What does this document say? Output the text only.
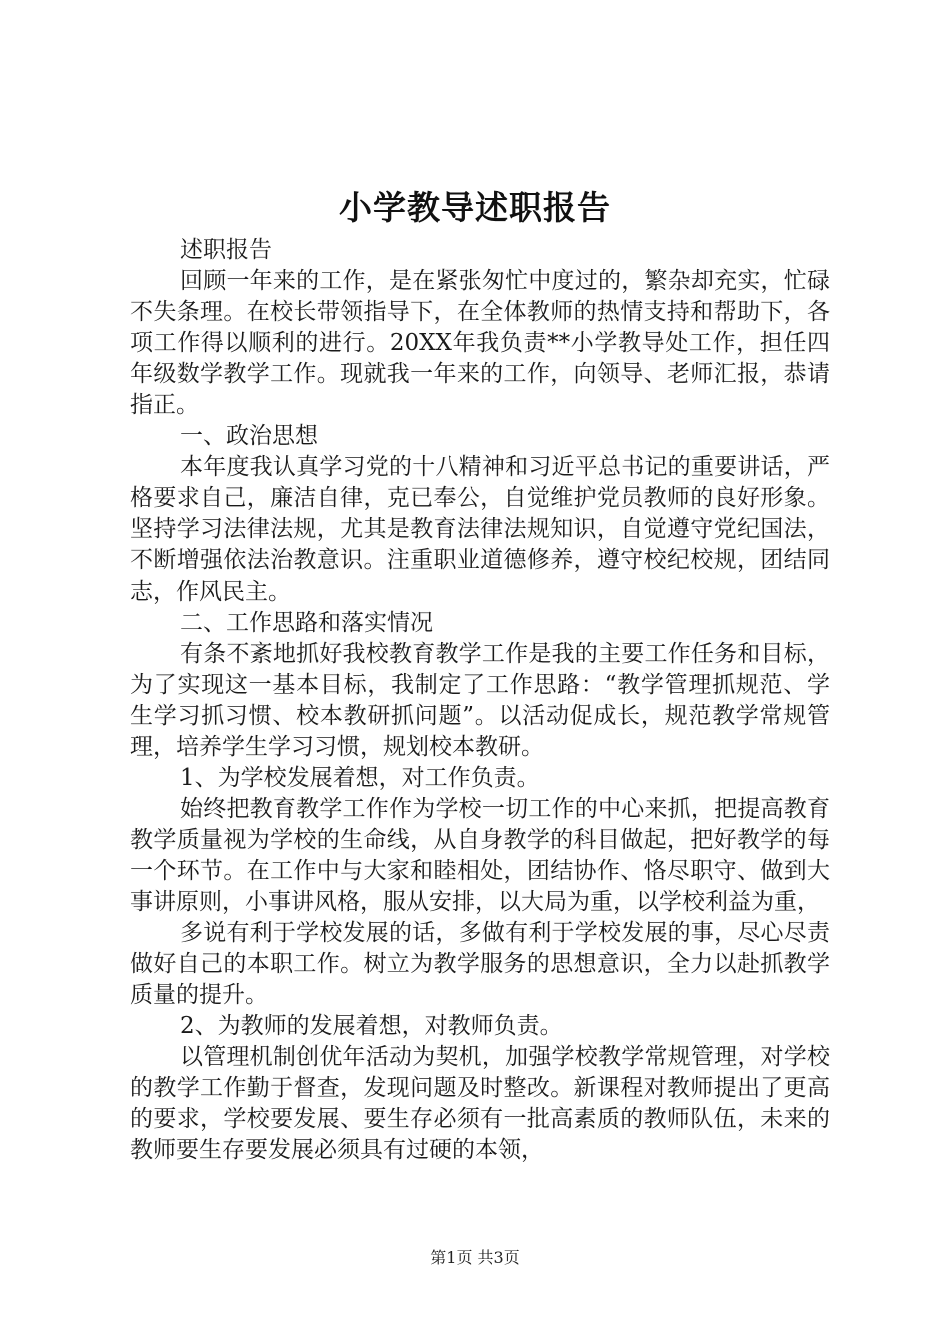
小学教导述职报告

述职报告

回顾一年来的工作，是在紧张匆忙中度过的，繁杂却充实，忙碌不失条理。在校长带领指导下，在全体教师的热情支持和帮助下，各项工作得以顺利的进行。20XX年我负责**小学教导处工作，担任四年级数学教学工作。现就我一年来的工作，向领导、老师汇报，恭请指正。

一、政治思想

本年度我认真学习党的十八精神和习近平总书记的重要讲话，严格要求自己，廉洁自律，克已奉公，自觉维护党员教师的良好形象。坚持学习法律法规，尤其是教育法律法规知识，自觉遵守党纪国法，不断增强依法治教意识。注重职业道德修养，遵守校纪校规，团结同志，作风民主。

二、工作思路和落实情况

有条不紊地抓好我校教育教学工作是我的主要工作任务和目标，为了实现这一基本目标，我制定了工作思路：“教学管理抓规范、学生学习抓习惯、校本教研抓问题”。以活动促成长，规范教学常规管理，培养学生学习习惯，规划校本教研。

1、为学校发展着想，对工作负责。

始终把教育教学工作作为学校一切工作的中心来抓，把提高教育教学质量视为学校的生命线，从自身教学的科目做起，把好教学的每一个环节。在工作中与大家和睦相处，团结协作、恪尽职守、做到大事讲原则，小事讲风格，服从安排，以大局为重，以学校利益为重，

多说有利于学校发展的话，多做有利于学校发展的事，尽心尽责做好自己的本职工作。树立为教学服务的思想意识，全力以赴抓教学质量的提升。

2、为教师的发展着想，对教师负责。

以管理机制创优年活动为契机，加强学校教学常规管理，对学校的教学工作勤于督查，发现问题及时整改。新课程对教师提出了更高的要求，学校要发展、要生存必须有一批高素质的教师队伍，未来的教师要生存要发展必须具有过硬的本领，

第1页 共3页
